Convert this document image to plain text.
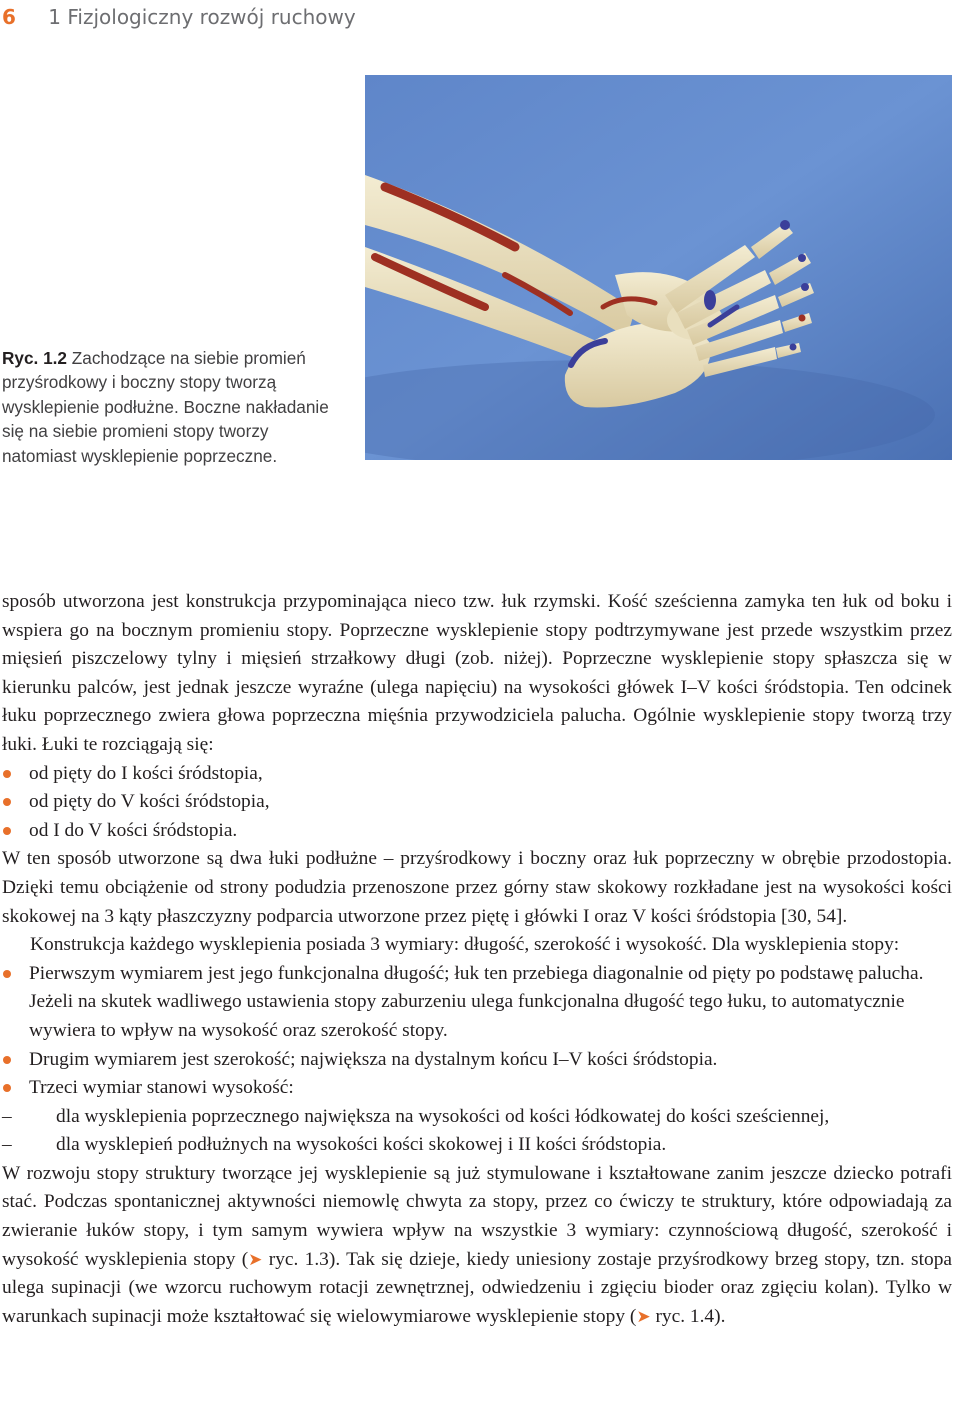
6 1 Fizjologiczny rozwój ruchowy

Ryc. 1.2 Zachodzące na siebie promień przyśrodkowy i boczny stopy tworzą wysklepienie podłużne. Boczne nakładanie się na siebie promieni stopy tworzy natomiast wysklepienie poprzeczne.

sposób utworzona jest konstrukcja przypominająca nieco tzw. łuk rzymski. Kość sześcienna zamyka ten łuk od boku i wspiera go na bocznym promieniu stopy. Poprzeczne wysklepienie stopy podtrzymywane jest przede wszystkim przez mięsień piszczelowy tylny i mięsień strzałkowy długi (zob. niżej). Poprzeczne wysklepienie stopy spłaszcza się w kierunku palców, jest jednak jeszcze wyraźne (ulega napięciu) na wysokości główek I–V kości śródstopia. Ten odcinek łuku poprzecznego zwiera głowa poprzeczna mięśnia przywodziciela palucha. Ogólnie wysklepienie stopy tworzą trzy łuki. Łuki te rozciągają się:

od pięty do I kości śródstopia,
od pięty do V kości śródstopia,
od I do V kości śródstopia.

W ten sposób utworzone są dwa łuki podłużne – przyśrodkowy i boczny oraz łuk poprzeczny w obrębie przodostopia. Dzięki temu obciążenie od strony podudzia przenoszone przez górny staw skokowy rozkładane jest na wysokości kości skokowej na 3 kąty płaszczyzny podparcia utworzone przez piętę i główki I oraz V kości śródstopia [30, 54].

Konstrukcja każdego wysklepienia posiada 3 wymiary: długość, szerokość i wysokość. Dla wysklepienia stopy:

Pierwszym wymiarem jest jego funkcjonalna długość; łuk ten przebiega diagonalnie od pięty po podstawę palucha. Jeżeli na skutek wadliwego ustawienia stopy zaburzeniu ulega funkcjonalna długość tego łuku, to automatycznie wywiera to wpływ na wysokość oraz szerokość stopy.
Drugim wymiarem jest szerokość; największa na dystalnym końcu I–V kości śródstopia.
Trzeci wymiar stanowi wysokość:
– dla wysklepienia poprzecznego największa na wysokości od kości łódkowatej do kości sześciennej,
– dla wysklepień podłużnych na wysokości kości skokowej i II kości śródstopia.

W rozwoju stopy struktury tworzące jej wysklepienie są już stymulowane i kształtowane zanim jeszcze dziecko potrafi stać. Podczas spontanicznej aktywności niemowlę chwyta za stopy, przez co ćwiczy te struktury, które odpowiadają za zwieranie łuków stopy, i tym samym wywiera wpływ na wszystkie 3 wymiary: czynnościową długość, szerokość i wysokość wysklepienia stopy (➤ ryc. 1.3). Tak się dzieje, kiedy uniesiony zostaje przyśrodkowy brzeg stopy, tzn. stopa ulega supinacji (we wzorcu ruchowym rotacji zewnętrznej, odwiedzeniu i zgięciu bioder oraz zgięciu kolan). Tylko w warunkach supinacji może kształtować się wielowymiarowe wysklepienie stopy (➤ ryc. 1.4).
